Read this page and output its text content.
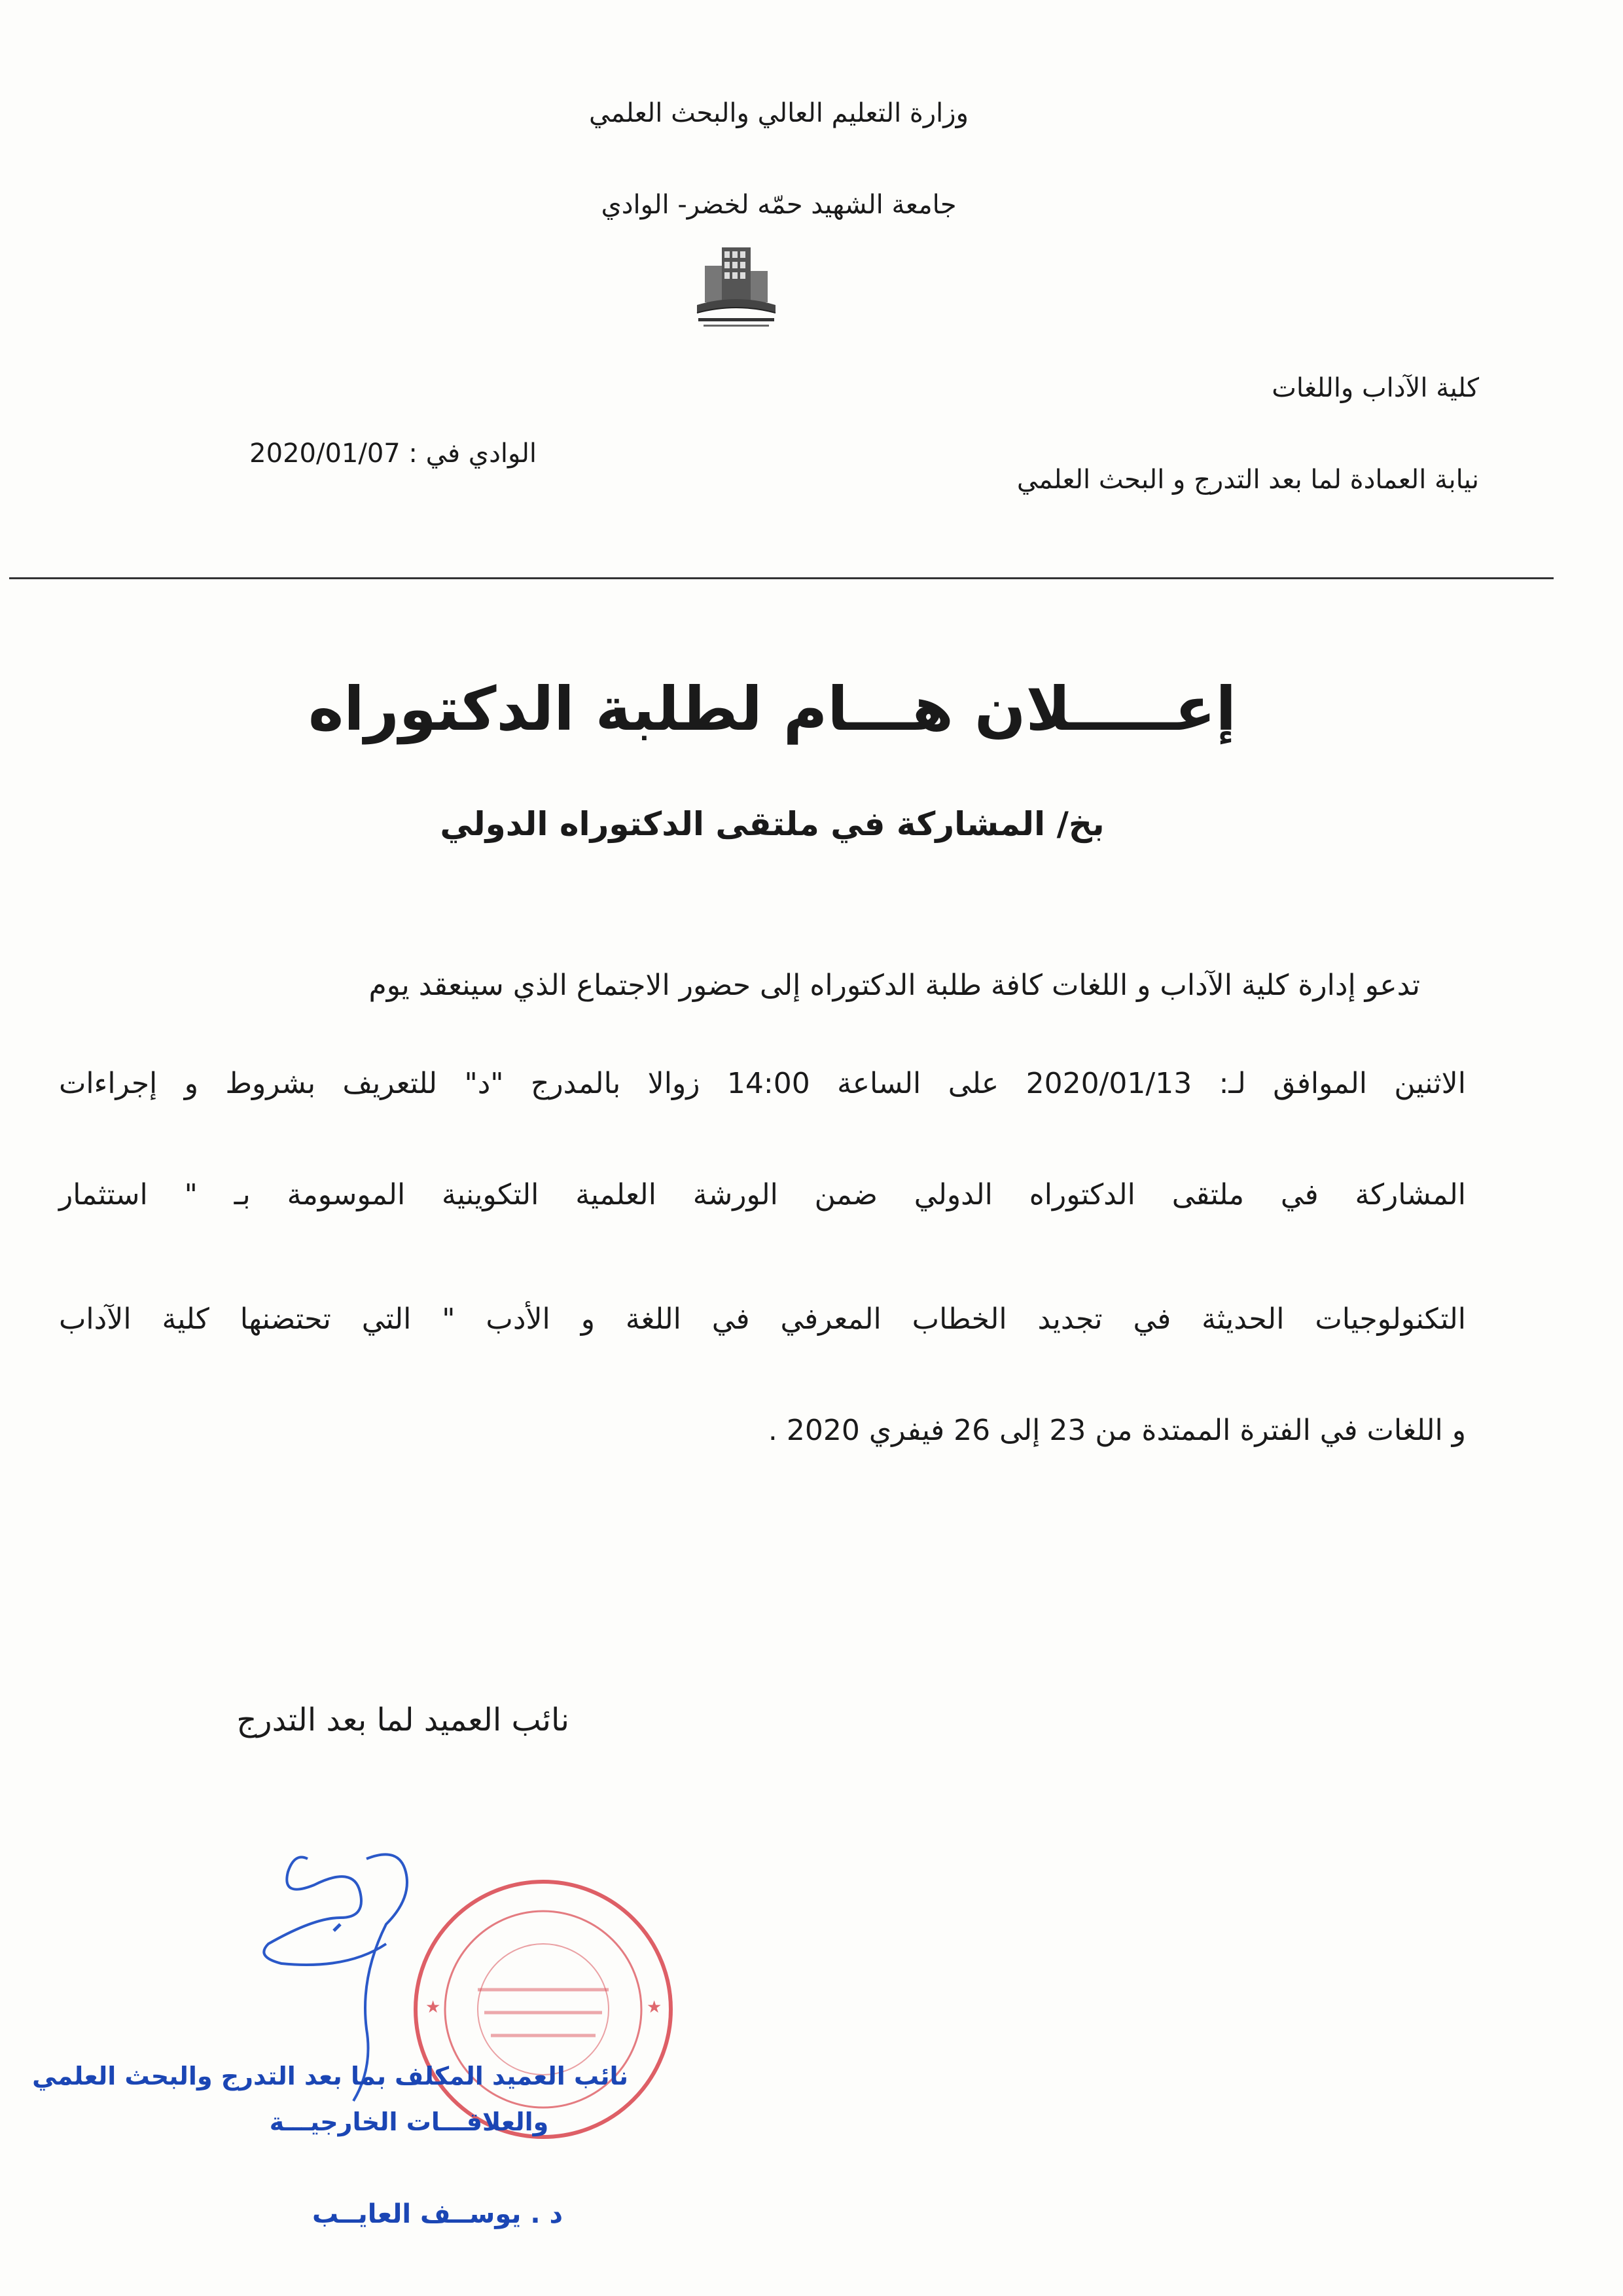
وزارة التعليم العالي والبحث العلمي
جامعة الشهيد حمّه لخضر- الوادي
كلية الآداب واللغات
نيابة العمادة لما بعد التدرج و البحث العلمي
الوادي في : 2020/01/07
إعـــــلان هـــام لطلبة الدكتوراه
بخ/ المشاركة في ملتقى الدكتوراه الدولي
تدعو إدارة كلية الآداب و اللغات كافة طلبة الدكتوراه إلى حضور الاجتماع الذي سينعقد يوم
الاثنين الموافق لـ: 2020/01/13 على الساعة 14:00 زوالا بالمدرج "د" للتعريف بشروط و إجراءات
المشاركة في ملتقى الدكتوراه الدولي ضمن الورشة العلمية التكوينية الموسومة بـ " استثمار
التكنولوجيات الحديثة في تجديد الخطاب المعرفي في اللغة و الأدب " التي تحتضنها كلية الآداب
و اللغات في الفترة الممتدة من 23 إلى 26 فيفري 2020 .
نائب العميد لما بعد التدرج
★	★
نائب العميد المكلف بما بعد التدرج والبحث العلمي
والعلاقـــات الخارجيـــة
د . يوســف العايــب
